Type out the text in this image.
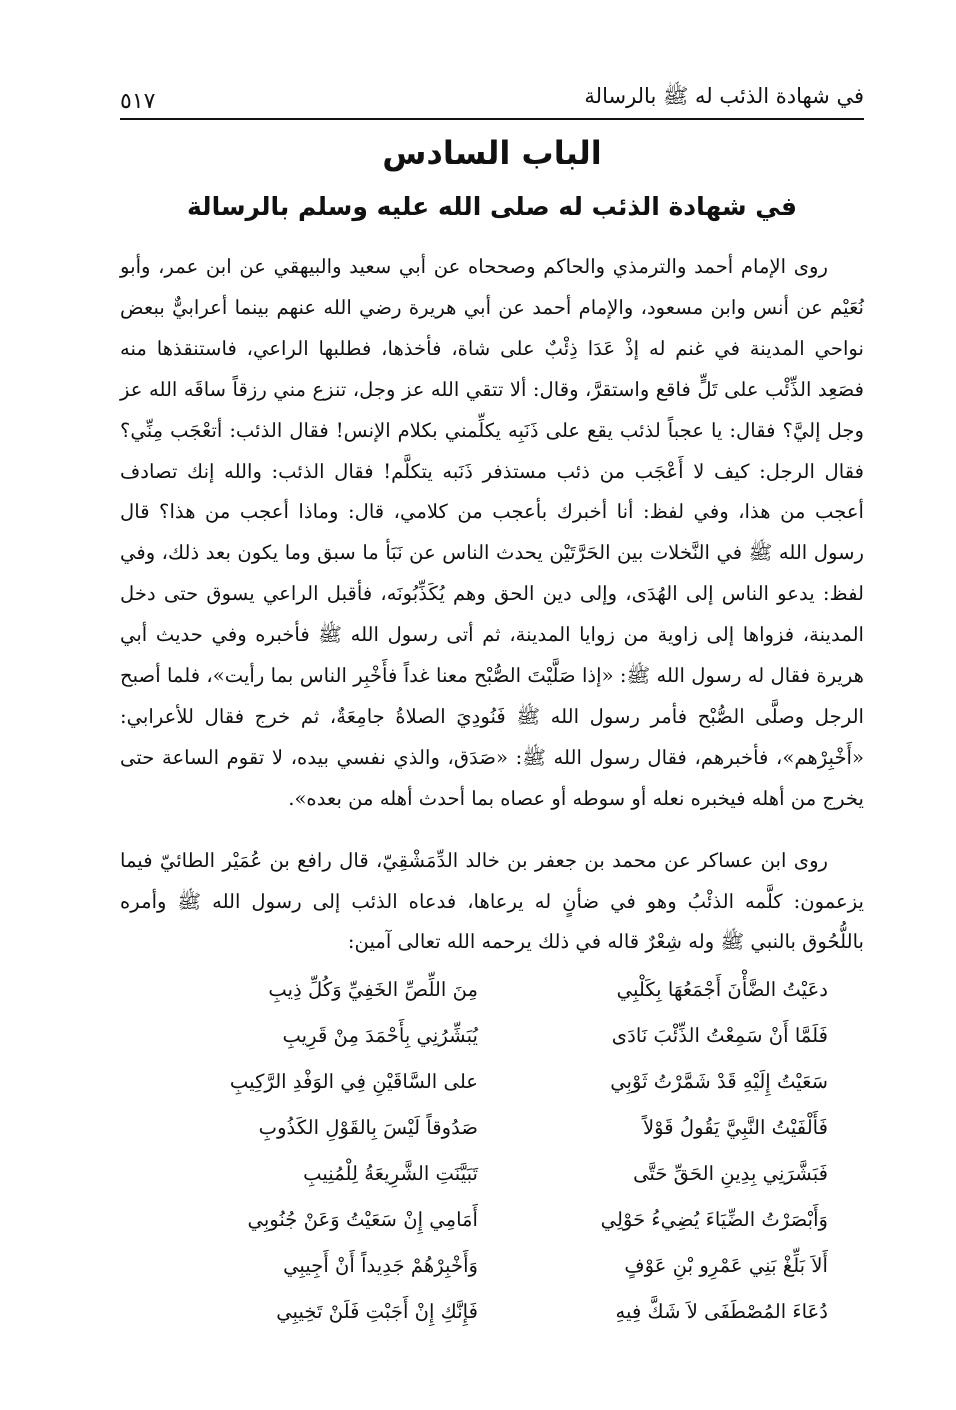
في شهادة الذئب له ﷺ بالرسالة
٥١٧
الباب السادس
في شهادة الذئب له صلى الله عليه وسلم بالرسالة

روى الإمام أحمد والترمذي والحاكم وصححاه عن أبي سعيد والبيهقي عن ابن عمر، وأبو نُعَيْم عن أنس وابن مسعود، والإمام أحمد عن أبي هريرة رضي الله عنهم بينما أعرابيٌّ ببعض نواحي المدينة في غنم له إذْ عَدَا ذِئْبٌ على شاة، فأخذها، فطلبها الراعي، فاستنقذها منه فصَعِد الذِّئْب على تَلٍّ فاقع واستقرَّ، وقال: ألا تتقي الله عز وجل، تنزع مني رزقاً ساقَه الله عز وجل إليَّ؟ فقال: يا عجباً لذئب يقع على ذَنَبِه يكلِّمني بكلام الإنس! فقال الذئب: أتعْجَب مِنِّي؟ فقال الرجل: كيف لا أَعْجَب من ذئب مستذفر ذَنَبه يتكلَّم! فقال الذئب: والله إنك تصادف أعجب من هذا، وفي لفظ: أنا أخبرك بأعجب من كلامي، قال: وماذا أعجب من هذا؟ قال رسول الله ﷺ في النَّخلات بين الحَرَّتَيْن يحدث الناس عن نَبَأ ما سبق وما يكون بعد ذلك، وفي لفظ: يدعو الناس إلى الهُدَى، وإلى دين الحق وهم يُكَذِّبُونَه، فأقبل الراعي يسوق حتى دخل المدينة، فزواها إلى زاوية من زوايا المدينة، ثم أتى رسول الله ﷺ فأخبره وفي حديث أبي هريرة فقال له رسول الله ﷺ: «إذا صَلَّيْتَ الصُّبْح معنا غداً فأَخْبِر الناس بما رأيت»، فلما أصبح الرجل وصلَّى الصُّبْح فأمر رسول الله ﷺ فَنُودِيَ الصلاةُ جامِعَةٌ، ثم خرج فقال للأعرابي: «أَخْبِرْهم»، فأخبرهم، فقال رسول الله ﷺ: «صَدَق، والذي نفسي بيده، لا تقوم الساعة حتى يخرج من أهله فيخبره نعله أو سوطه أو عصاه بما أحدث أهله من بعده».

روى ابن عساكر عن محمد بن جعفر بن خالد الدِّمَشْقِيّ، قال رافع بن عُمَيْر الطائيّ فيما يزعمون: كلَّمه الذئْبُ وهو في ضأنٍ له يرعاها، فدعاه الذئب إلى رسول الله ﷺ وأمره باللُّحُوق بالنبي ﷺ وله شِعْرٌ قاله في ذلك يرحمه الله تعالى آمين:

دعَيْتُ الضَّأْنَ أَجْمَعُهَا بِكَلْبِي
مِنَ اللِّصِّ الخَفِيِّ وَكُلِّ ذِيبِ
فَلَمَّا أَنْ سَمِعْتُ الذِّئْبَ نَادَى
يُبَشِّرُنِي بِأَحْمَدَ مِنْ قَرِيبِ
سَعَيْتُ إِلَيْهِ قَدْ شَمَّرْتُ ثَوْبِي
على السَّاقَيْنِ فِي الوَفْدِ الرَّكِيبِ
فَأَلْفَيْتُ النَّبِيَّ يَقُولُ قَوْلاً
صَدُوقاً لَيْسَ بِالقَوْلِ الكَذُوبِ
فَبَشَّرَنِي بِدِينِ الحَقِّ حَتَّى
تَبَيَّنَتِ الشَّرِيعَةُ لِلْمُنِيبِ
وَأَبْصَرْتُ الضِّيَاءَ يُضِيءُ حَوْلِي
أَمَامِي إِنْ سَعَيْتُ وَعَنْ جُنُوبِي
أَلاَ بَلِّغْ بَنِي عَمْرِو بْنِ عَوْفٍ
وَأَخْبِرْهُمْ جَدِيداً أَنْ أَجِيبِي
دُعَاءَ المُصْطَفَى لاَ شَكَّ فِيهِ
فَإِنَّكِ إِنْ أَجَبْتِ فَلَنْ تَخِيبِي
